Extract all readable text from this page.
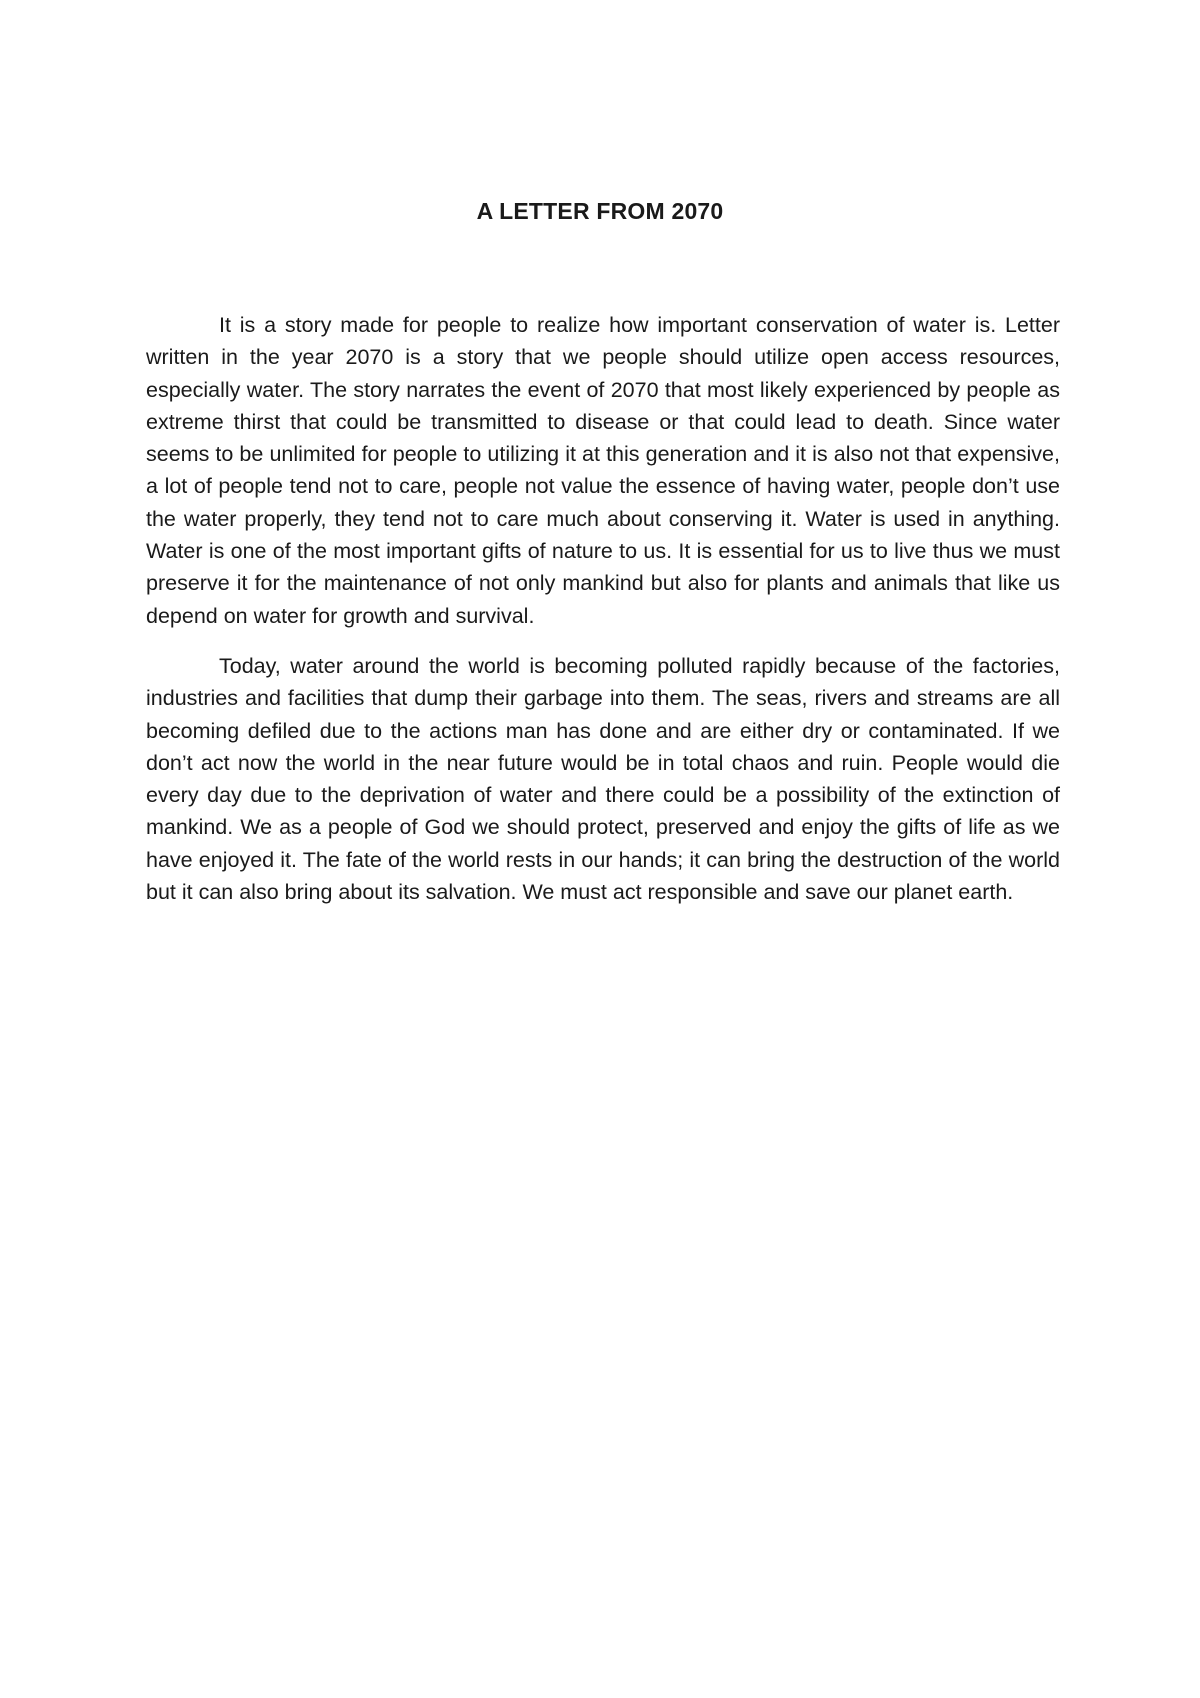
A LETTER FROM 2070

It is a story made for people to realize how important conservation of water is. Letter written in the year 2070 is a story that we people should utilize open access resources, especially water. The story narrates the event of 2070 that most likely experienced by people as extreme thirst that could be transmitted to disease or that could lead to death. Since water seems to be unlimited for people to utilizing it at this generation and it is also not that expensive, a lot of people tend not to care, people not value the essence of having water, people don’t use the water properly, they tend not to care much about conserving it. Water is used in anything. Water is one of the most important gifts of nature to us. It is essential for us to live thus we must preserve it for the maintenance of not only mankind but also for plants and animals that like us depend on water for growth and survival.

Today, water around the world is becoming polluted rapidly because of the factories, industries and facilities that dump their garbage into them. The seas, rivers and streams are all becoming defiled due to the actions man has done and are either dry or contaminated. If we don’t act now the world in the near future would be in total chaos and ruin. People would die every day due to the deprivation of water and there could be a possibility of the extinction of mankind. We as a people of God we should protect, preserved and enjoy the gifts of life as we have enjoyed it. The fate of the world rests in our hands; it can bring the destruction of the world but it can also bring about its salvation. We must act responsible and save our planet earth.
